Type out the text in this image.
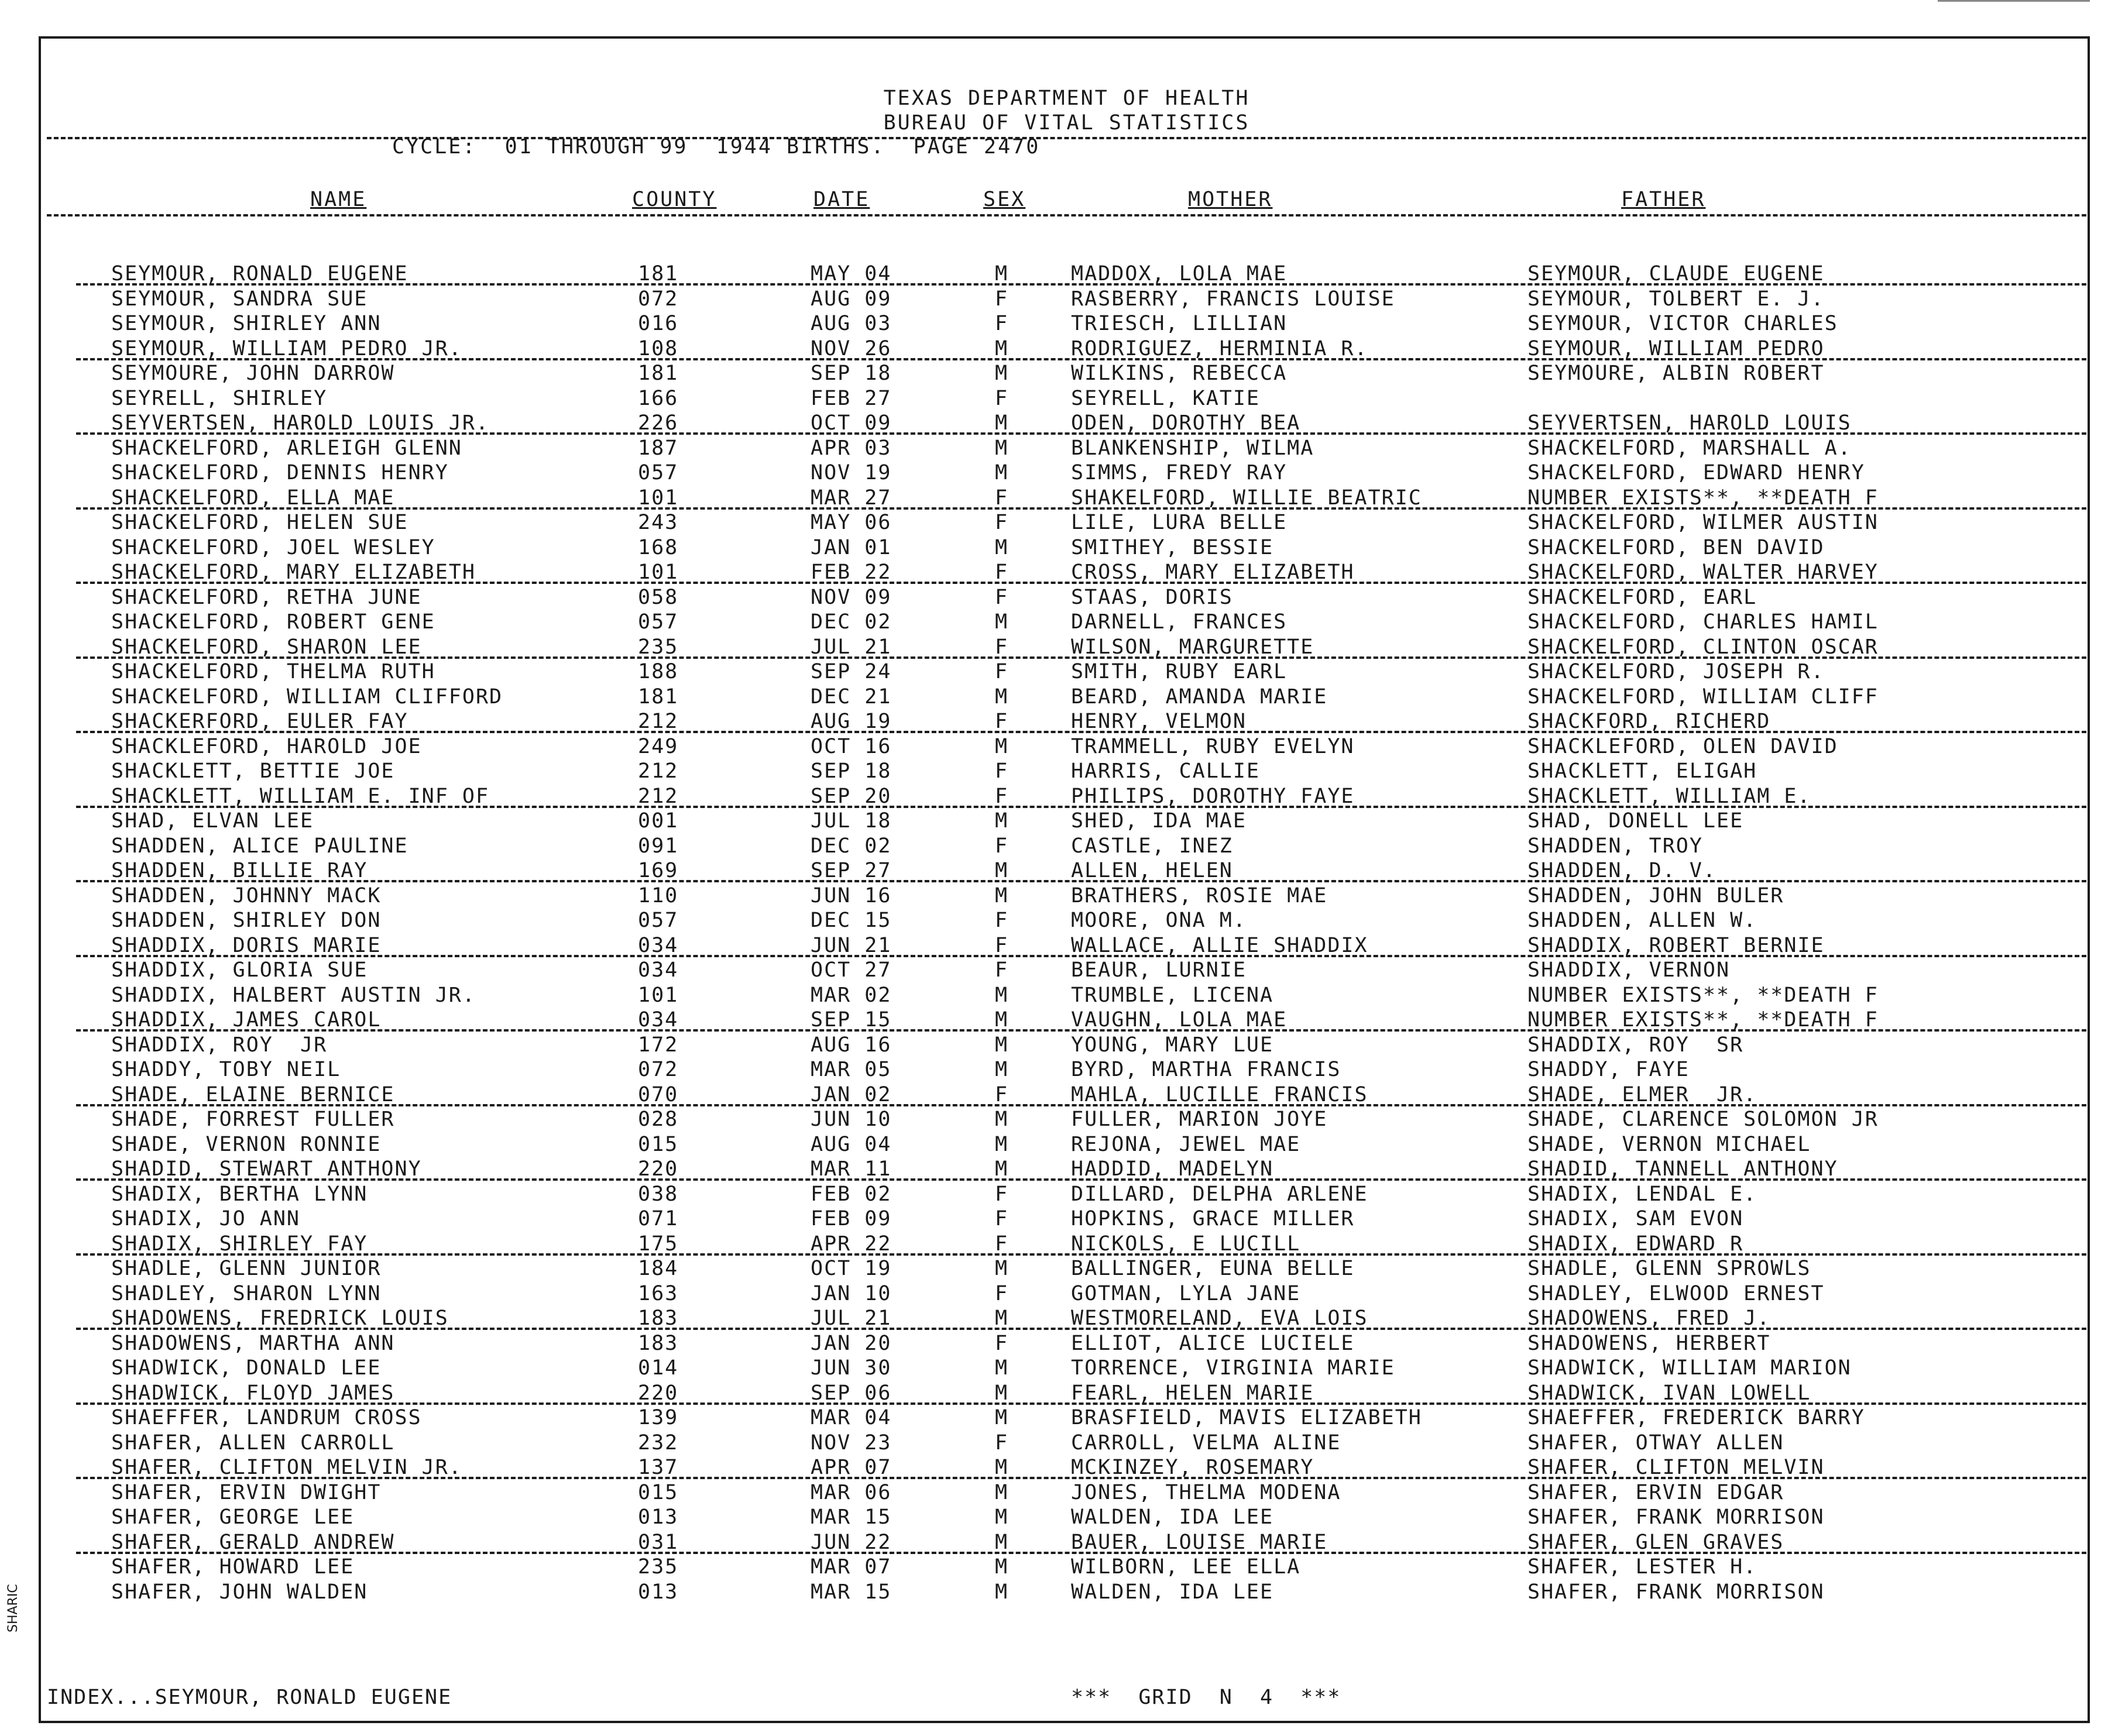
SHARIC
TEXAS DEPARTMENT OF HEALTH
BUREAU OF VITAL STATISTICS
CYCLE:  01 THROUGH 99  1944 BIRTHS.  PAGE 2470
NAME	COUNTY	DATE	SEX	MOTHER	FATHER
SEYMOUR, RONALD EUGENE	181	MAY 04	M	MADDOX, LOLA MAE	SEYMOUR, CLAUDE EUGENE
SEYMOUR, SANDRA SUE	072	AUG 09	F	RASBERRY, FRANCIS LOUISE	SEYMOUR, TOLBERT E. J.
SEYMOUR, SHIRLEY ANN	016	AUG 03	F	TRIESCH, LILLIAN	SEYMOUR, VICTOR CHARLES
SEYMOUR, WILLIAM PEDRO JR.	108	NOV 26	M	RODRIGUEZ, HERMINIA R.	SEYMOUR, WILLIAM PEDRO
SEYMOURE, JOHN DARROW	181	SEP 18	M	WILKINS, REBECCA	SEYMOURE, ALBIN ROBERT
SEYRELL, SHIRLEY	166	FEB 27	F	SEYRELL, KATIE
SEYVERTSEN, HAROLD LOUIS JR.	226	OCT 09	M	ODEN, DOROTHY BEA	SEYVERTSEN, HAROLD LOUIS
SHACKELFORD, ARLEIGH GLENN	187	APR 03	M	BLANKENSHIP, WILMA	SHACKELFORD, MARSHALL A.
SHACKELFORD, DENNIS HENRY	057	NOV 19	M	SIMMS, FREDY RAY	SHACKELFORD, EDWARD HENRY
SHACKELFORD, ELLA MAE	101	MAR 27	F	SHAKELFORD, WILLIE BEATRIC	NUMBER EXISTS**, **DEATH F
SHACKELFORD, HELEN SUE	243	MAY 06	F	LILE, LURA BELLE	SHACKELFORD, WILMER AUSTIN
SHACKELFORD, JOEL WESLEY	168	JAN 01	M	SMITHEY, BESSIE	SHACKELFORD, BEN DAVID
SHACKELFORD, MARY ELIZABETH	101	FEB 22	F	CROSS, MARY ELIZABETH	SHACKELFORD, WALTER HARVEY
SHACKELFORD, RETHA JUNE	058	NOV 09	F	STAAS, DORIS	SHACKELFORD, EARL
SHACKELFORD, ROBERT GENE	057	DEC 02	M	DARNELL, FRANCES	SHACKELFORD, CHARLES HAMIL
SHACKELFORD, SHARON LEE	235	JUL 21	F	WILSON, MARGURETTE	SHACKELFORD, CLINTON OSCAR
SHACKELFORD, THELMA RUTH	188	SEP 24	F	SMITH, RUBY EARL	SHACKELFORD, JOSEPH R.
SHACKELFORD, WILLIAM CLIFFORD	181	DEC 21	M	BEARD, AMANDA MARIE	SHACKELFORD, WILLIAM CLIFF
SHACKERFORD, EULER FAY	212	AUG 19	F	HENRY, VELMON	SHACKFORD, RICHERD
SHACKLEFORD, HAROLD JOE	249	OCT 16	M	TRAMMELL, RUBY EVELYN	SHACKLEFORD, OLEN DAVID
SHACKLETT, BETTIE JOE	212	SEP 18	F	HARRIS, CALLIE	SHACKLETT, ELIGAH
SHACKLETT, WILLIAM E. INF OF	212	SEP 20	F	PHILIPS, DOROTHY FAYE	SHACKLETT, WILLIAM E.
SHAD, ELVAN LEE	001	JUL 18	M	SHED, IDA MAE	SHAD, DONELL LEE
SHADDEN, ALICE PAULINE	091	DEC 02	F	CASTLE, INEZ	SHADDEN, TROY
SHADDEN, BILLIE RAY	169	SEP 27	M	ALLEN, HELEN	SHADDEN, D. V.
SHADDEN, JOHNNY MACK	110	JUN 16	M	BRATHERS, ROSIE MAE	SHADDEN, JOHN BULER
SHADDEN, SHIRLEY DON	057	DEC 15	F	MOORE, ONA M.	SHADDEN, ALLEN W.
SHADDIX, DORIS MARIE	034	JUN 21	F	WALLACE, ALLIE SHADDIX	SHADDIX, ROBERT BERNIE
SHADDIX, GLORIA SUE	034	OCT 27	F	BEAUR, LURNIE	SHADDIX, VERNON
SHADDIX, HALBERT AUSTIN JR.	101	MAR 02	M	TRUMBLE, LICENA	NUMBER EXISTS**, **DEATH F
SHADDIX, JAMES CAROL	034	SEP 15	M	VAUGHN, LOLA MAE	NUMBER EXISTS**, **DEATH F
SHADDIX, ROY  JR	172	AUG 16	M	YOUNG, MARY LUE	SHADDIX, ROY  SR
SHADDY, TOBY NEIL	072	MAR 05	M	BYRD, MARTHA FRANCIS	SHADDY, FAYE
SHADE, ELAINE BERNICE	070	JAN 02	F	MAHLA, LUCILLE FRANCIS	SHADE, ELMER  JR.
SHADE, FORREST FULLER	028	JUN 10	M	FULLER, MARION JOYE	SHADE, CLARENCE SOLOMON JR
SHADE, VERNON RONNIE	015	AUG 04	M	REJONA, JEWEL MAE	SHADE, VERNON MICHAEL
SHADID, STEWART ANTHONY	220	MAR 11	M	HADDID, MADELYN	SHADID, TANNELL ANTHONY
SHADIX, BERTHA LYNN	038	FEB 02	F	DILLARD, DELPHA ARLENE	SHADIX, LENDAL E.
SHADIX, JO ANN	071	FEB 09	F	HOPKINS, GRACE MILLER	SHADIX, SAM EVON
SHADIX, SHIRLEY FAY	175	APR 22	F	NICKOLS, E LUCILL	SHADIX, EDWARD R
SHADLE, GLENN JUNIOR	184	OCT 19	M	BALLINGER, EUNA BELLE	SHADLE, GLENN SPROWLS
SHADLEY, SHARON LYNN	163	JAN 10	F	GOTMAN, LYLA JANE	SHADLEY, ELWOOD ERNEST
SHADOWENS, FREDRICK LOUIS	183	JUL 21	M	WESTMORELAND, EVA LOIS	SHADOWENS, FRED J.
SHADOWENS, MARTHA ANN	183	JAN 20	F	ELLIOT, ALICE LUCIELE	SHADOWENS, HERBERT
SHADWICK, DONALD LEE	014	JUN 30	M	TORRENCE, VIRGINIA MARIE	SHADWICK, WILLIAM MARION
SHADWICK, FLOYD JAMES	220	SEP 06	M	FEARL, HELEN MARIE	SHADWICK, IVAN LOWELL
SHAEFFER, LANDRUM CROSS	139	MAR 04	M	BRASFIELD, MAVIS ELIZABETH	SHAEFFER, FREDERICK BARRY
SHAFER, ALLEN CARROLL	232	NOV 23	F	CARROLL, VELMA ALINE	SHAFER, OTWAY ALLEN
SHAFER, CLIFTON MELVIN JR.	137	APR 07	M	MCKINZEY, ROSEMARY	SHAFER, CLIFTON MELVIN
SHAFER, ERVIN DWIGHT	015	MAR 06	M	JONES, THELMA MODENA	SHAFER, ERVIN EDGAR
SHAFER, GEORGE LEE	013	MAR 15	M	WALDEN, IDA LEE	SHAFER, FRANK MORRISON
SHAFER, GERALD ANDREW	031	JUN 22	M	BAUER, LOUISE MARIE	SHAFER, GLEN GRAVES
SHAFER, HOWARD LEE	235	MAR 07	M	WILBORN, LEE ELLA	SHAFER, LESTER H.
SHAFER, JOHN WALDEN	013	MAR 15	M	WALDEN, IDA LEE	SHAFER, FRANK MORRISON
INDEX...SEYMOUR, RONALD EUGENE	***  GRID  N  4  ***
